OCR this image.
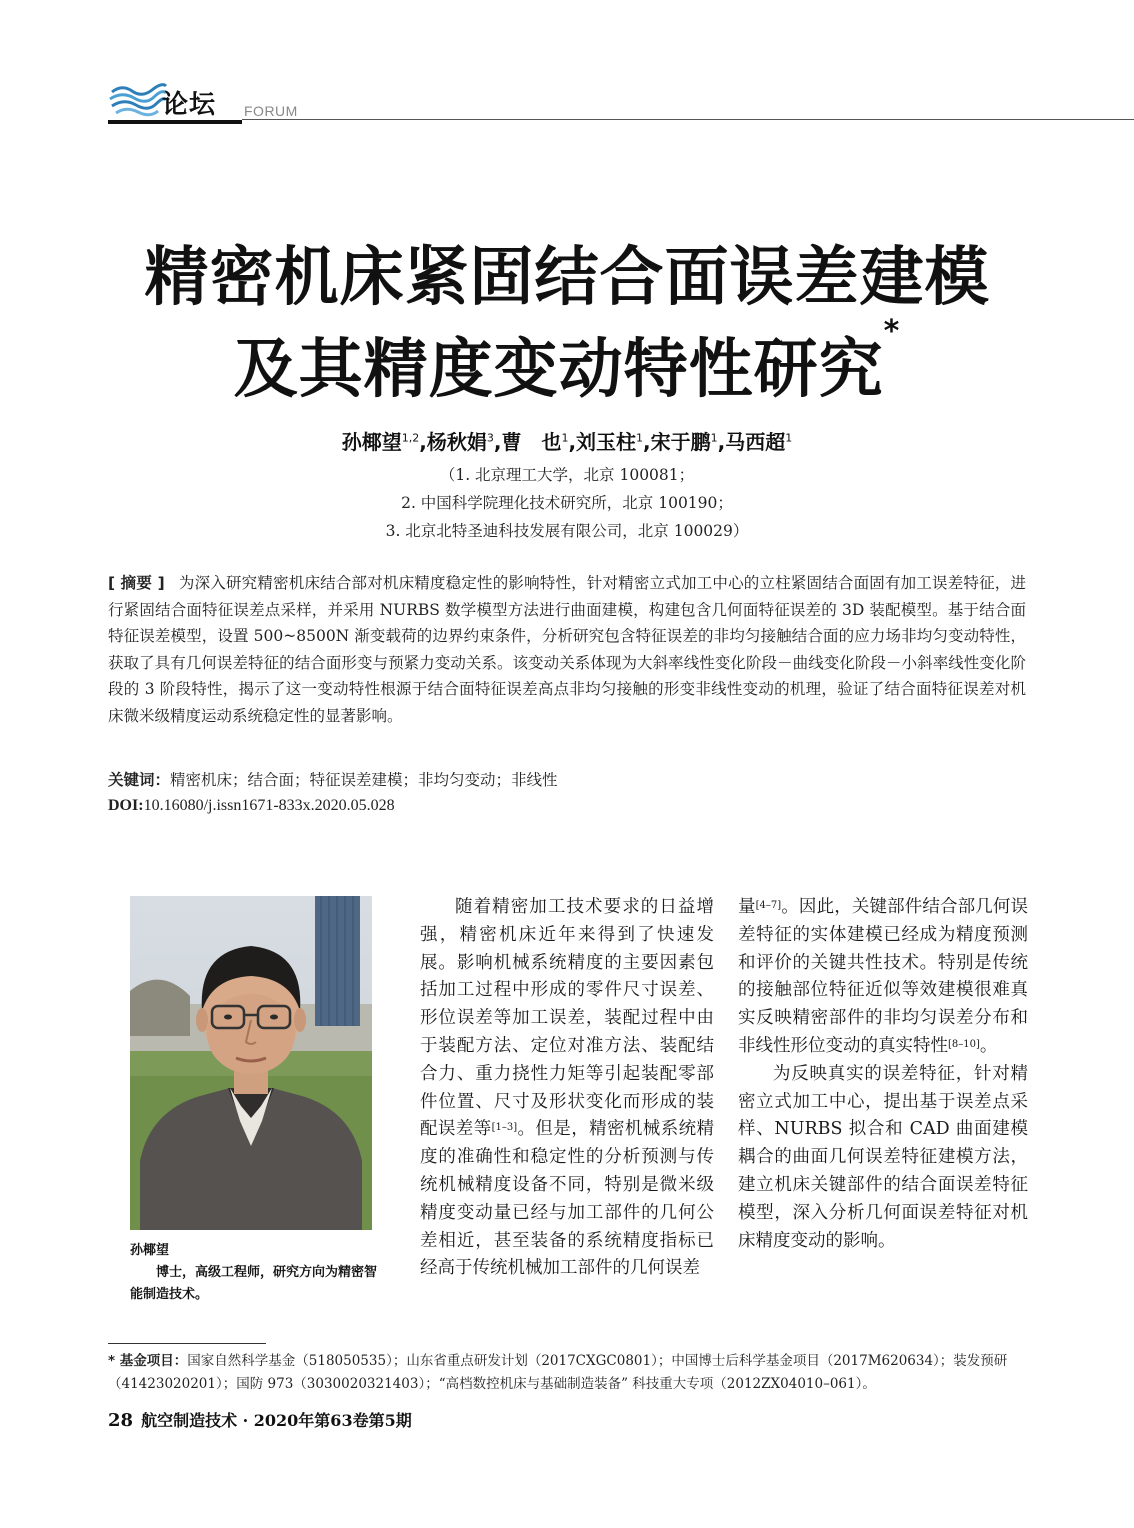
论坛 FORUM
精密机床紧固结合面误差建模
及其精度变动特性研究*
孙椰望$^{1,2}$,杨秋娟$^3$,曹　也$^1$,刘玉柱$^1$,宋于鹏$^1$,马西超$^1$
（1. 北京理工大学，北京 100081；
2. 中国科学院理化技术研究所，北京 100190；
3. 北京北特圣迪科技发展有限公司，北京 100029）
[ 摘要 ] 为深入研究精密机床结合部对机床精度稳定性的影响特性，针对精密立式加工中心的立柱紧固结合面固有加工误差特征，进行紧固结合面特征误差点采样，并采用 NURBS 数学模型方法进行曲面建模，构建包含几何面特征误差的 3D 装配模型。基于结合面特征误差模型，设置 500~8500N 渐变载荷的边界约束条件，分析研究包含特征误差的非均匀接触结合面的应力场非均匀变动特性，获取了具有几何误差特征的结合面形变与预紧力变动关系。该变动关系体现为大斜率线性变化阶段－曲线变化阶段－小斜率线性变化阶段的 3 阶段特性，揭示了这一变动特性根源于结合面特征误差高点非均匀接触的形变非线性变动的机理，验证了结合面特征误差对机床微米级精度运动系统稳定性的显著影响。
关键词：精密机床；结合面；特征误差建模；非均匀变动；非线性
DOI:10.16080/j.issn1671-833x.2020.05.028
孙椰望
博士，高级工程师，研究方向为精密智能制造技术。

随着精密加工技术要求的日益增强，精密机床近年来得到了快速发展。影响机械系统精度的主要因素包括加工过程中形成的零件尺寸误差、形位误差等加工误差，装配过程中由于装配方法、定位对准方法、装配结合力、重力挠性力矩等引起装配零部件位置、尺寸及形状变化而形成的装配误差等[1–3]。但是，精密机械系统精度的准确性和稳定性的分析预测与传统机械精度设备不同，特别是微米级精度变动量已经与加工部件的几何公差相近，甚至装备的系统精度指标已经高于传统机械加工部件的几何误差

量[4–7]。因此，关键部件结合部几何误差特征的实体建模已经成为精度预测和评价的关键共性技术。特别是传统的接触部位特征近似等效建模很难真实反映精密部件的非均匀误差分布和非线性形位变动的真实特性[8–10]。

为反映真实的误差特征，针对精密立式加工中心，提出基于误差点采样、NURBS 拟合和 CAD 曲面建模耦合的曲面几何误差特征建模方法，建立机床关键部件的结合面误差特征模型，深入分析几何面误差特征对机床精度变动的影响。

* 基金项目：国家自然科学基金（518050535）；山东省重点研发计划（2017CXGC0801）；中国博士后科学基金项目（2017M620634）；装发预研（41423020201）；国防 973（3030020321403）；“高档数控机床与基础制造装备” 科技重大专项（2012ZX04010–061）。
28 航空制造技术 · 2020年第63卷第5期
